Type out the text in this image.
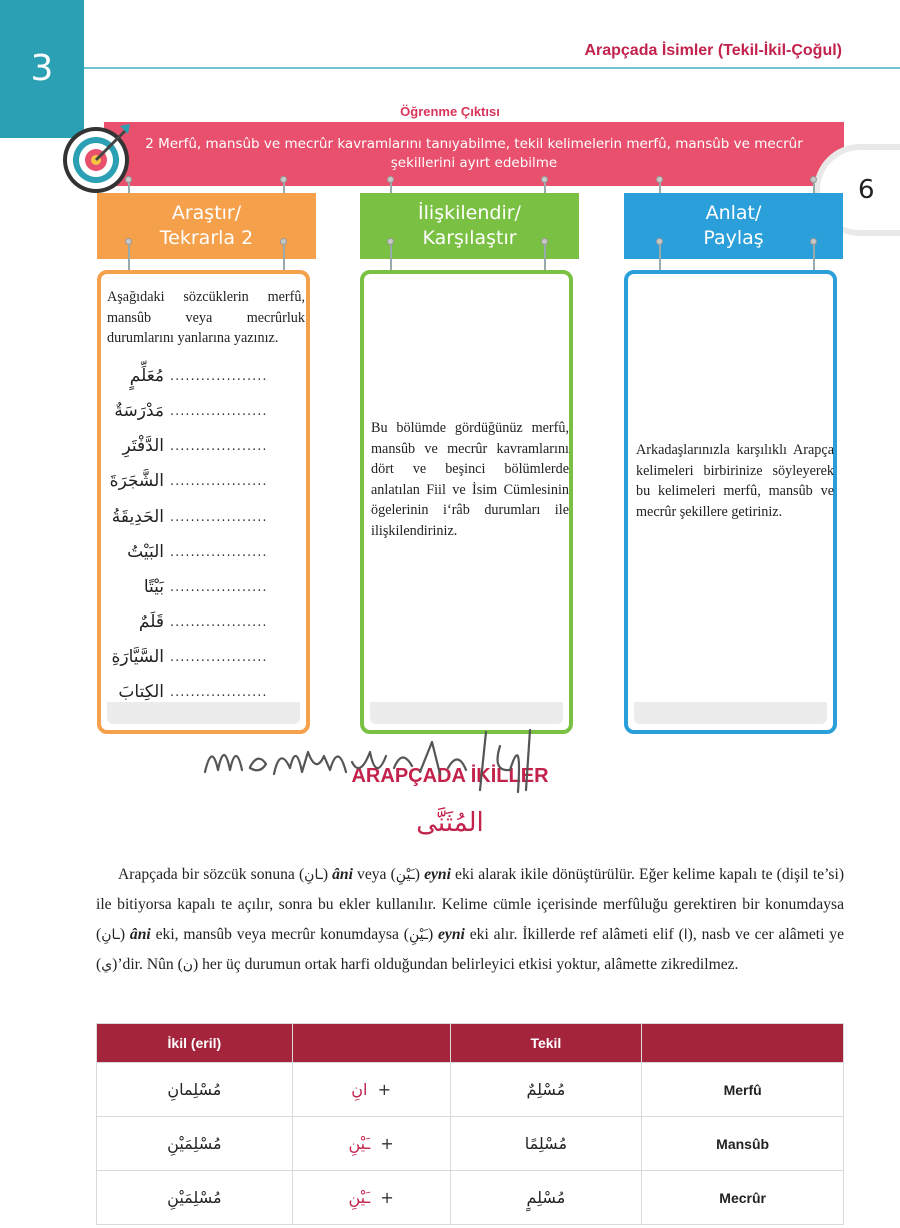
3	Arapçada İsimler (Tekil-İkil-Çoğul)
Öğrenme Çıktısı
2 Merfû, mansûb ve mecrûr kavramlarını tanıyabilme, tekil kelimelerin merfû, mansûb ve mecrûr şekillerini ayırt edebilme
6
Araştır/
Tekrarla 2
İlişkilendir/
Karşılaştır
Anlat/
Paylaş
Aşağıdaki sözcüklerin merfû, mansûb veya mecrûrluk durumlarını yanlarına yazınız.
مُعَلِّمٍ ...................
مَدْرَسَةٌ ...................
الدَّفْتَرِ ...................
الشَّجَرَةَ ...................
الحَدِيقَةُ ...................
البَيْتُ ...................
بَيْتًا ...................
قَلَمٌ ...................
السَّيَّارَةِ ...................
الكِتابَ ...................
Bu bölümde gördüğünüz merfû, mansûb ve mecrûr kavramlarını dört ve beşinci bölümlerde anlatılan Fiil ve İsim Cümlesinin ögelerinin i‘râb durumları ile ilişkilendiriniz.
Arkadaşlarınızla karşılıklı Arapça kelimeleri birbirinize söyleyerek bu kelimeleri merfû, mansûb ve mecrûr şekillere getiriniz.
ARAPÇADA İKİLLER
المُثَنَّى
Arapçada bir sözcük sonuna (ـانِ) âni veya (ـَيْنِ) eyni eki alarak ikile dönüştürülür. Eğer kelime kapalı te (dişil te’si) ile bitiyorsa kapalı te açılır, sonra bu ekler kullanılır. Kelime cümle içerisinde merfûluğu gerektiren bir konumdaysa (ـانِ) âni eki, mansûb veya mecrûr konumdaysa (ـَيْنِ) eyni eki alır. İkillerde ref alâmeti elif (ا), nasb ve cer alâmeti ye (ي)’dir. Nûn (ن) her üç durumun ortak harfi olduğundan belirleyici etkisi yoktur, alâmette zikredilmez.
İkil (eril)		Tekil	
مُسْلِمانِ	انِ +	مُسْلِمٌ	Merfû
مُسْلِمَيْنِ	ـَيْنِ +	مُسْلِمًا	Mansûb
مُسْلِمَيْنِ	ـَيْنِ +	مُسْلِمٍ	Mecrûr
